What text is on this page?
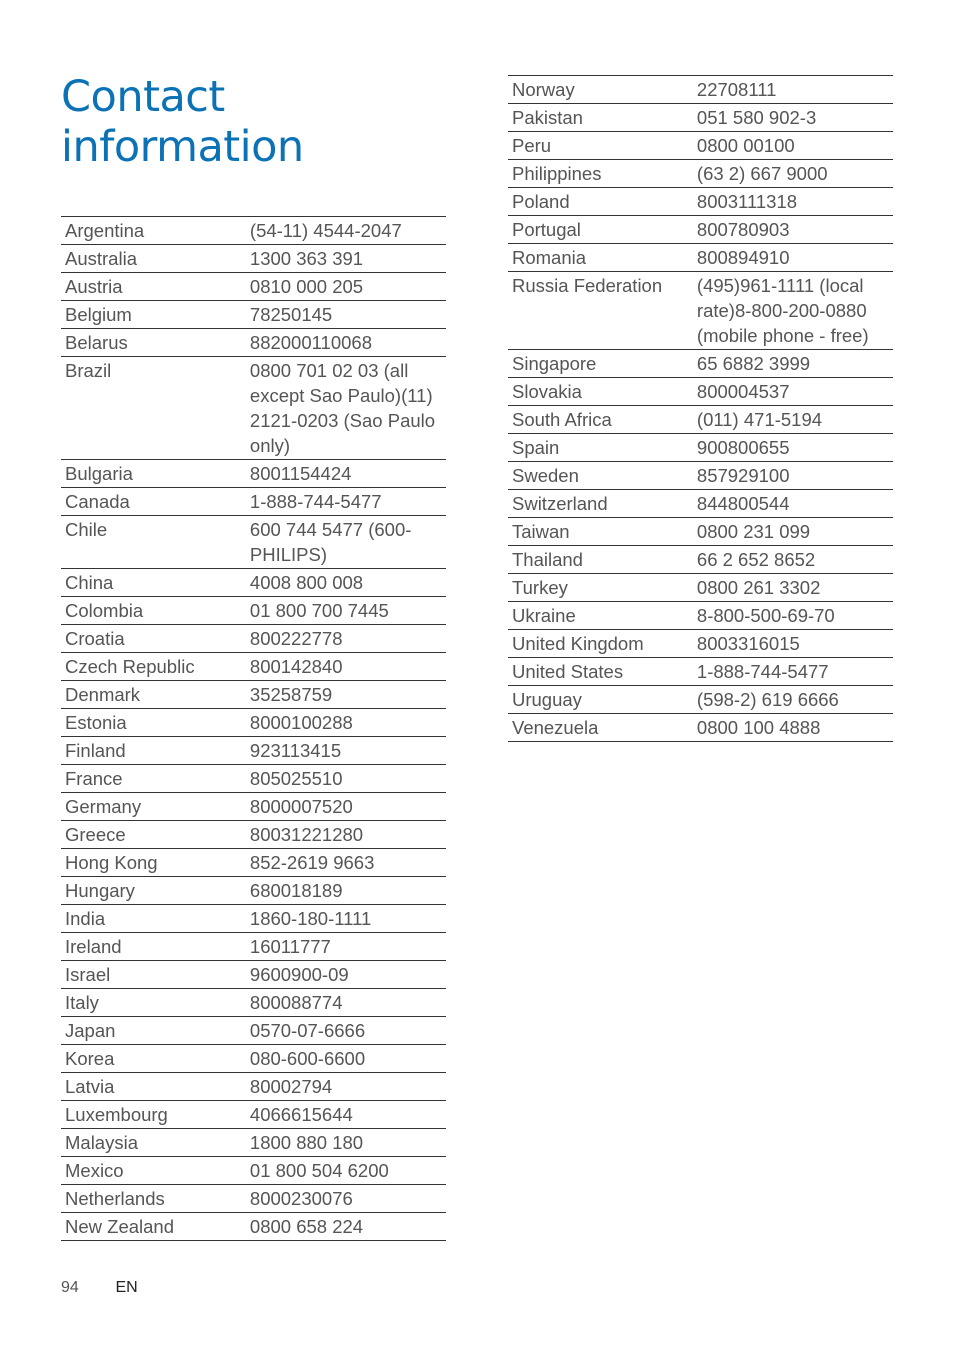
Contact
information
Argentina	(54-11) 4544-2047
Australia	1300 363 391
Austria	0810 000 205
Belgium	78250145
Belarus	882000110068
Brazil	0800 701 02 03 (all except Sao Paulo)(11) 2121-0203 (Sao Paulo only)
Bulgaria	8001154424
Canada	1-888-744-5477
Chile	600 744 5477 (600-PHILIPS)
China	4008 800 008
Colombia	01 800 700 7445
Croatia	800222778
Czech Republic	800142840
Denmark	35258759
Estonia	8000100288
Finland	923113415
France	805025510
Germany	8000007520
Greece	80031221280
Hong Kong	852-2619 9663
Hungary	680018189
India	1860-180-1111
Ireland	16011777
Israel	9600900-09
Italy	800088774
Japan	0570-07-6666
Korea	080-600-6600
Latvia	80002794
Luxembourg	4066615644
Malaysia	1800 880 180
Mexico	01 800 504 6200
Netherlands	8000230076
New Zealand	0800 658 224
Norway	22708111
Pakistan	051 580 902-3
Peru	0800 00100
Philippines	(63 2) 667 9000
Poland	8003111318
Portugal	800780903
Romania	800894910
Russia Federation	(495)961-1111 (local rate)8-800-200-0880 (mobile phone - free)
Singapore	65 6882 3999
Slovakia	800004537
South Africa	(011) 471-5194
Spain	900800655
Sweden	857929100
Switzerland	844800544
Taiwan	0800 231 099
Thailand	66 2 652 8652
Turkey	0800 261 3302
Ukraine	8-800-500-69-70
United Kingdom	8003316015
United States	1-888-744-5477
Uruguay	(598-2) 619 6666
Venezuela	0800 100 4888
94 EN
